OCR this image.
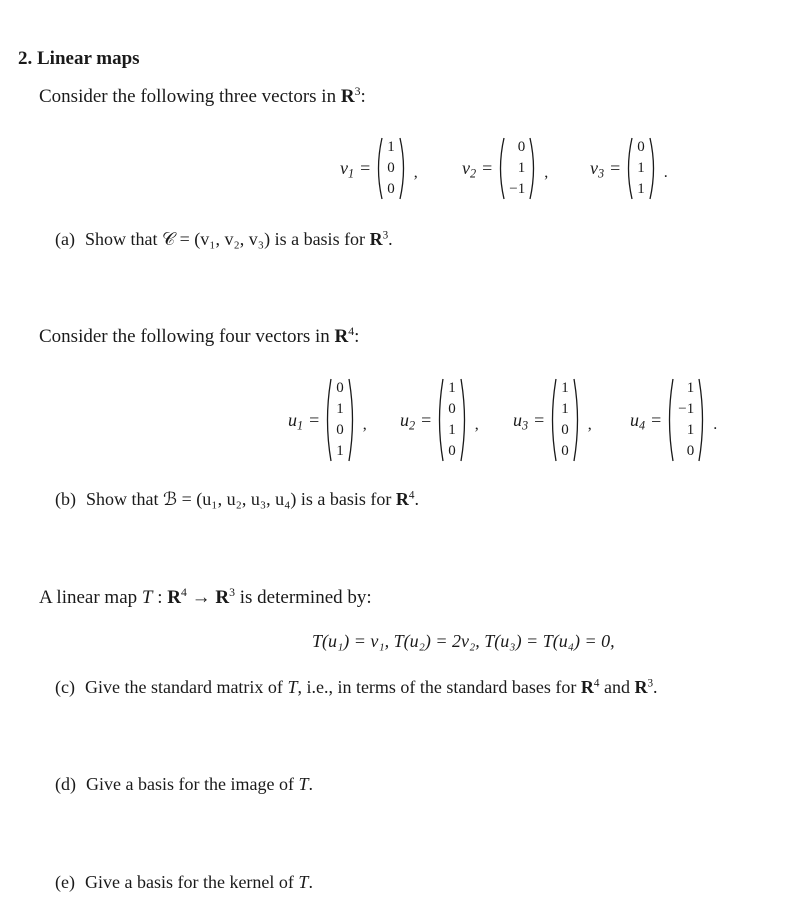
2. Linear maps
Consider the following three vectors in $R^3$:
$v_1$ =
1
0
0
, $v_2$ =
0
1
−1
, $v_3$ =
0
1
1
.
(a) Show that 𝒞 = (v₁, v₂, v₃) is a basis for $R^3$.
Consider the following four vectors in $R^4$:
$u_1$ =
0
1
0
1
, $u_2$ =
1
0
1
0
, $u_3$ =
1
1
0
0
, $u_4$ =
1
−1
1
0
.
(b) Show that ℬ = (u₁, u₂, u₃, u₄) is a basis for $R^4$.
A linear map T : $R^4 \to R^3$ is determined by:
T(u₁) = v₁, T(u₂) = 2v₂, T(u₃) = T(u₄) = 0,
(c) Give the standard matrix of T, i.e., in terms of the standard bases for $R^4$ and $R^3$.
(d) Give a basis for the image of T.
(e) Give a basis for the kernel of T.
